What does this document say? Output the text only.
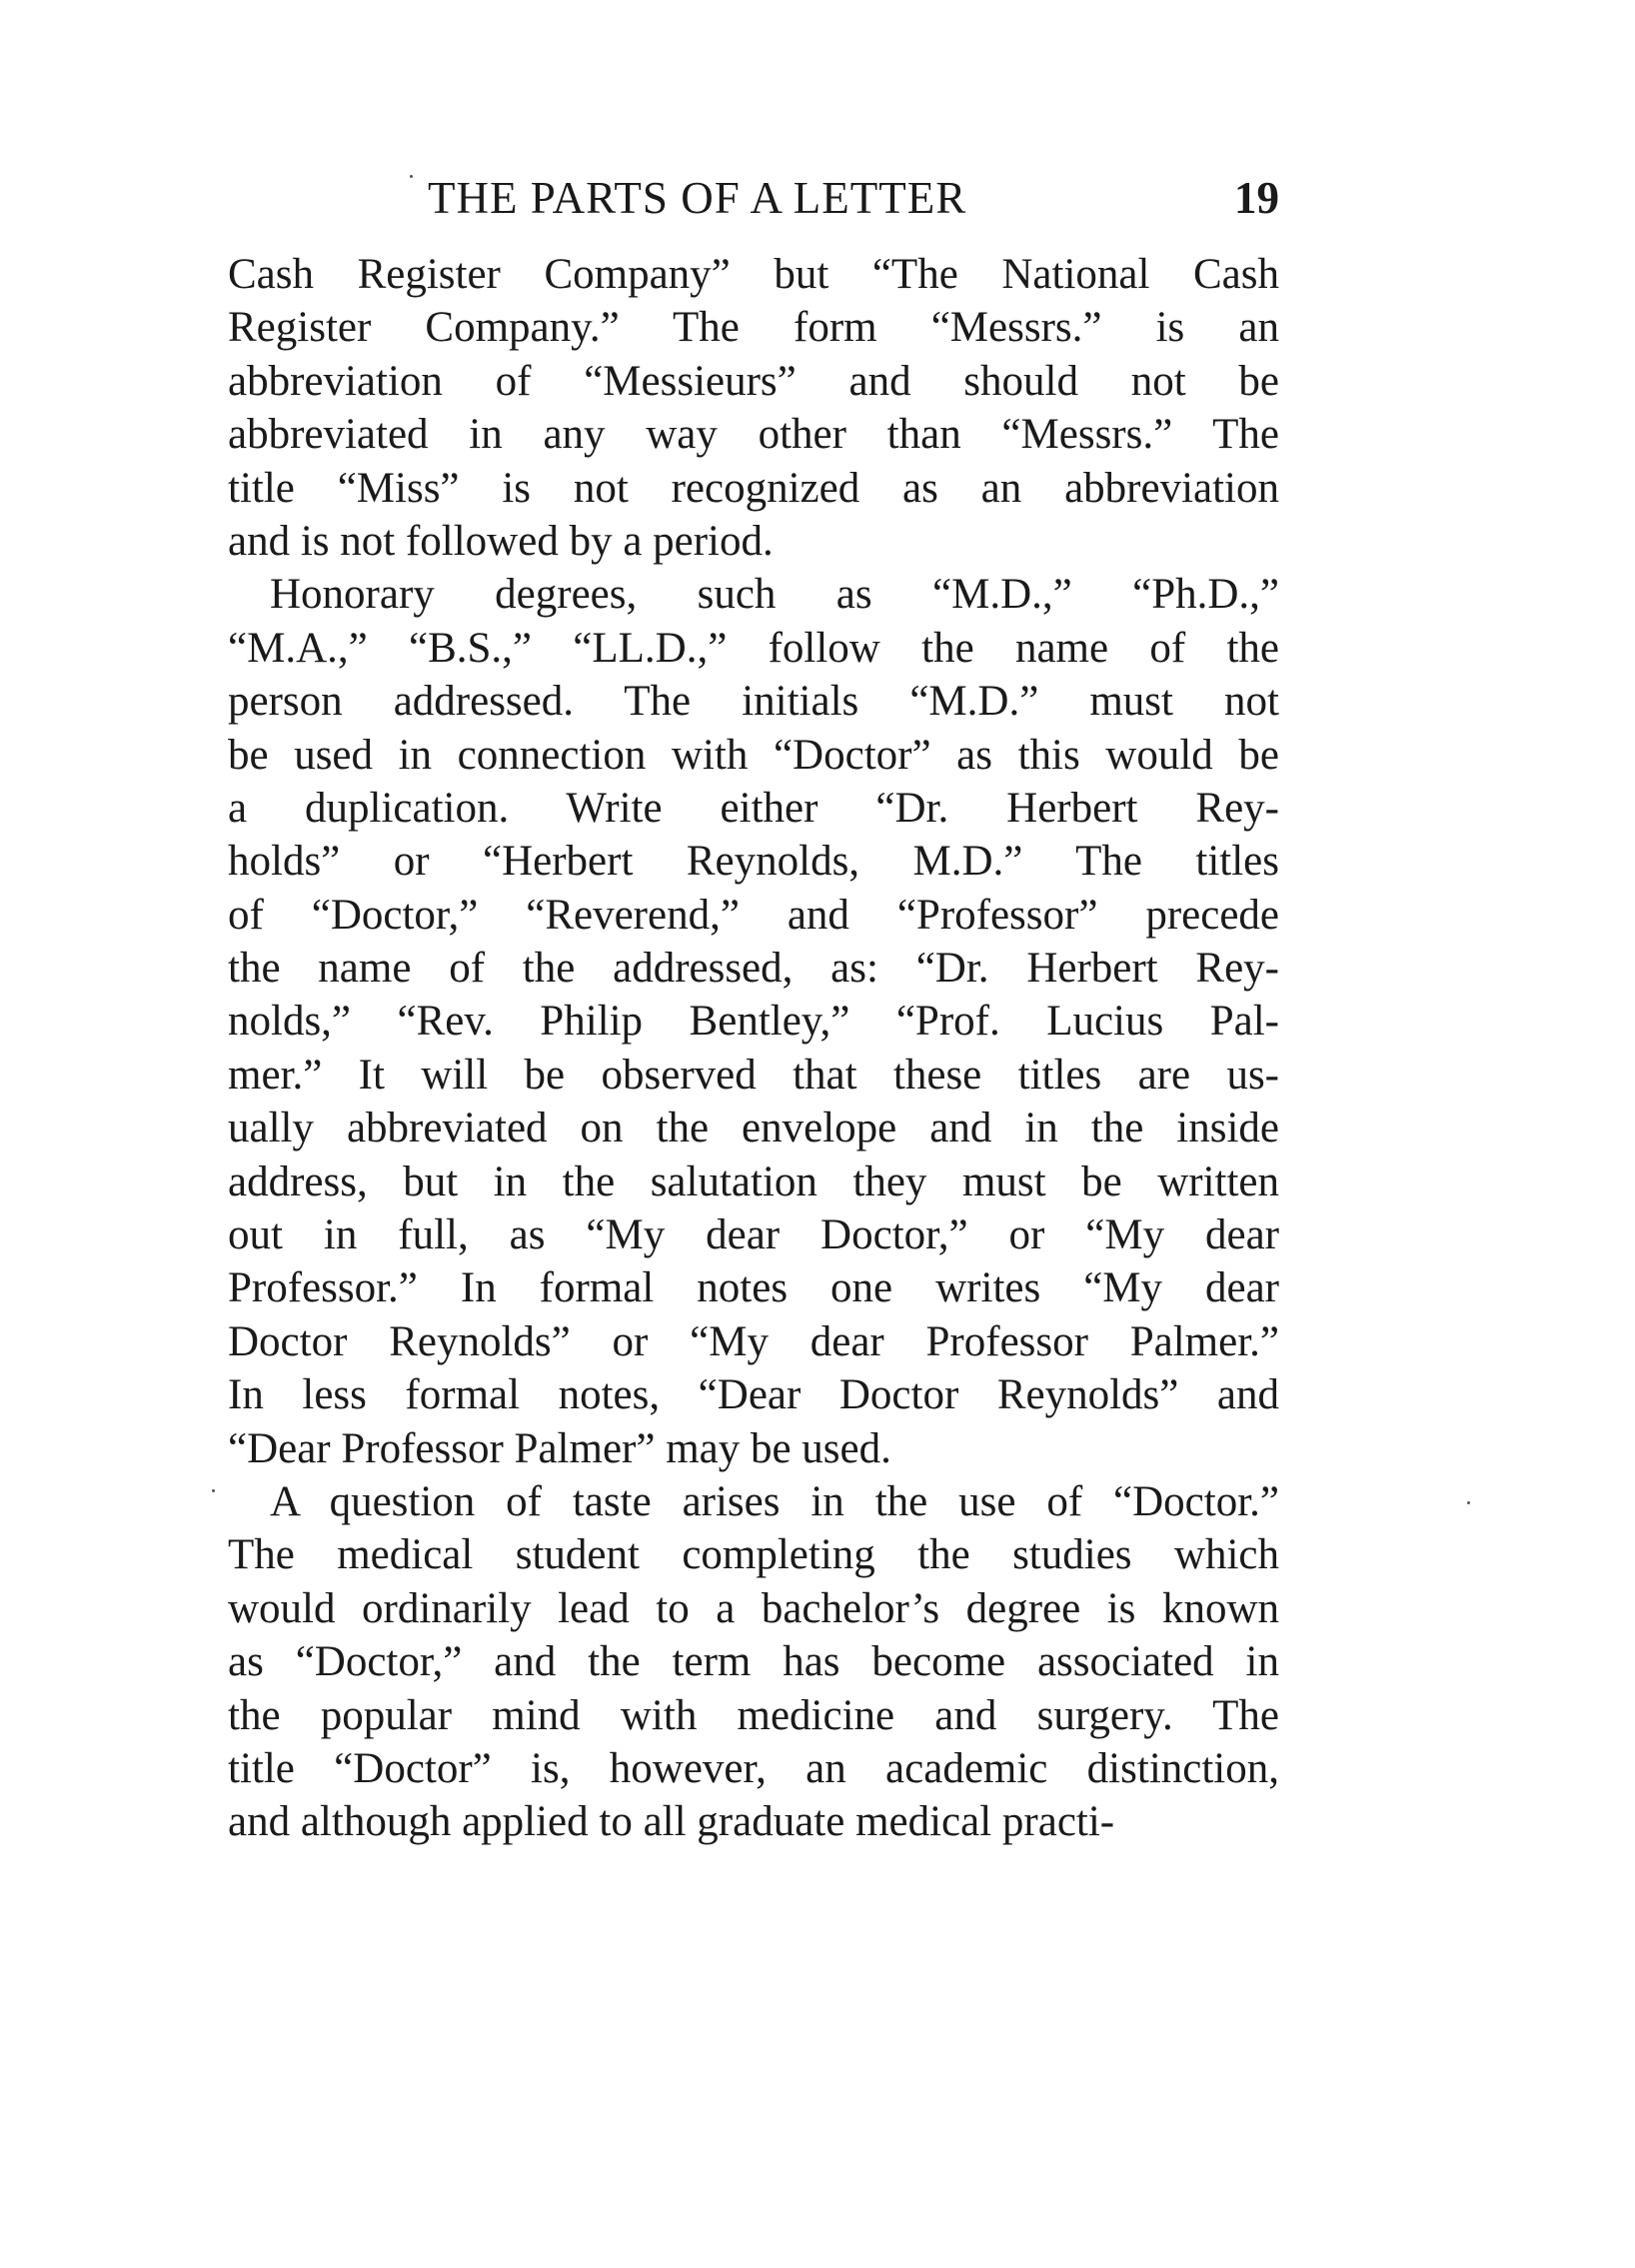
THE PARTS OF A LETTER	19
Cash Register Company” but “The National Cash
Register Company.” The form “Messrs.” is an
abbreviation of “Messieurs” and should not be
abbreviated in any way other than “Messrs.” The
title “Miss” is not recognized as an abbreviation
and is not followed by a period.
Honorary degrees, such as “M.D.,” “Ph.D.,”
“M.A.,” “B.S.,” “LL.D.,” follow the name of the
person addressed. The initials “M.D.” must not
be used in connection with “Doctor” as this would be
a duplication. Write either “Dr. Herbert Rey-
holds” or “Herbert Reynolds, M.D.” The titles
of “Doctor,” “Reverend,” and “Professor” precede
the name of the addressed, as: “Dr. Herbert Rey-
nolds,” “Rev. Philip Bentley,” “Prof. Lucius Pal-
mer.” It will be observed that these titles are us-
ually abbreviated on the envelope and in the inside
address, but in the salutation they must be written
out in full, as “My dear Doctor,” or “My dear
Professor.” In formal notes one writes “My dear
Doctor Reynolds” or “My dear Professor Palmer.”
In less formal notes, “Dear Doctor Reynolds” and
“Dear Professor Palmer” may be used.
A question of taste arises in the use of “Doctor.”
The medical student completing the studies which
would ordinarily lead to a bachelor’s degree is known
as “Doctor,” and the term has become associated in
the popular mind with medicine and surgery. The
title “Doctor” is, however, an academic distinction,
and although applied to all graduate medical practi-
